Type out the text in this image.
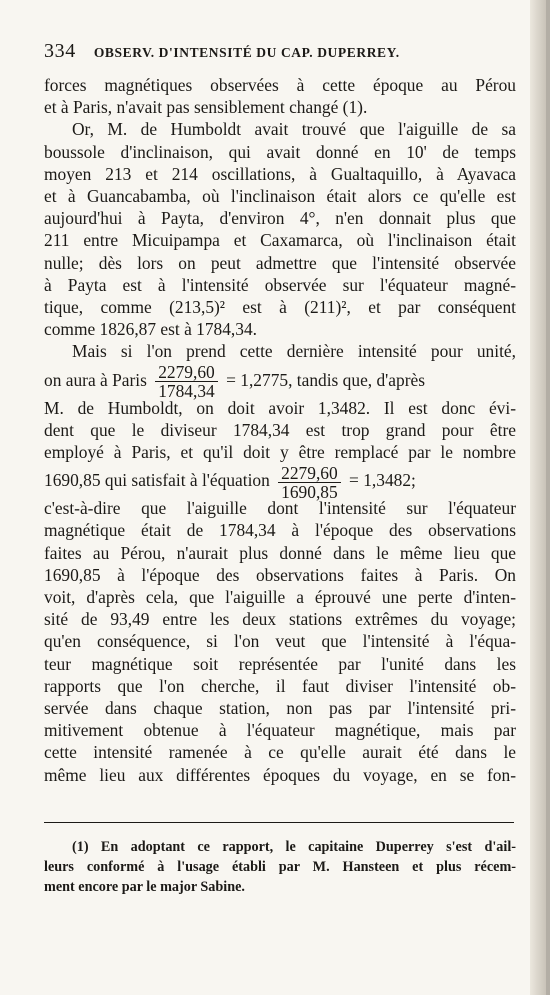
334 OBSERV. D'INTENSITÉ DU CAP. DUPERREY.
forces magnétiques observées à cette époque au Pérou
et à Paris, n'avait pas sensiblement changé (1).
Or, M. de Humboldt avait trouvé que l'aiguille de sa
boussole d'inclinaison, qui avait donné en 10' de temps
moyen 213 et 214 oscillations, à Gualtaquillo, à Ayavaca
et à Guancabamba, où l'inclinaison était alors ce qu'elle est
aujourd'hui à Payta, d'environ 4°, n'en donnait plus que
211 entre Micuipampa et Caxamarca, où l'inclinaison était
nulle; dès lors on peut admettre que l'intensité observée
à Payta est à l'intensité observée sur l'équateur magné-
tique, comme (213,5)² est à (211)², et par conséquent
comme 1826,87 est à 1784,34.
Mais si l'on prend cette dernière intensité pour unité,
on aura à Paris $\frac{2279,60}{1784,34} = 1,2775$, tandis que, d'après
M. de Humboldt, on doit avoir 1,3482. Il est donc évi-
dent que le diviseur 1784,34 est trop grand pour être
employé à Paris, et qu'il doit y être remplacé par le nombre
1690,85 qui satisfait à l'équation $\frac{2279,60}{1690,85} = 1,3482$;
c'est-à-dire que l'aiguille dont l'intensité sur l'équateur
magnétique était de 1784,34 à l'époque des observations
faites au Pérou, n'aurait plus donné dans le même lieu que
1690,85 à l'époque des observations faites à Paris. On
voit, d'après cela, que l'aiguille a éprouvé une perte d'inten-
sité de 93,49 entre les deux stations extrêmes du voyage;
qu'en conséquence, si l'on veut que l'intensité à l'équa-
teur magnétique soit représentée par l'unité dans les
rapports que l'on cherche, il faut diviser l'intensité ob-
servée dans chaque station, non pas par l'intensité pri-
mitivement obtenue à l'équateur magnétique, mais par
cette intensité ramenée à ce qu'elle aurait été dans le
même lieu aux différentes époques du voyage, en se fon-
(1) En adoptant ce rapport, le capitaine Duperrey s'est d'ail-
leurs conformé à l'usage établi par M. Hansteen et plus récem-
ment encore par le major Sabine.
